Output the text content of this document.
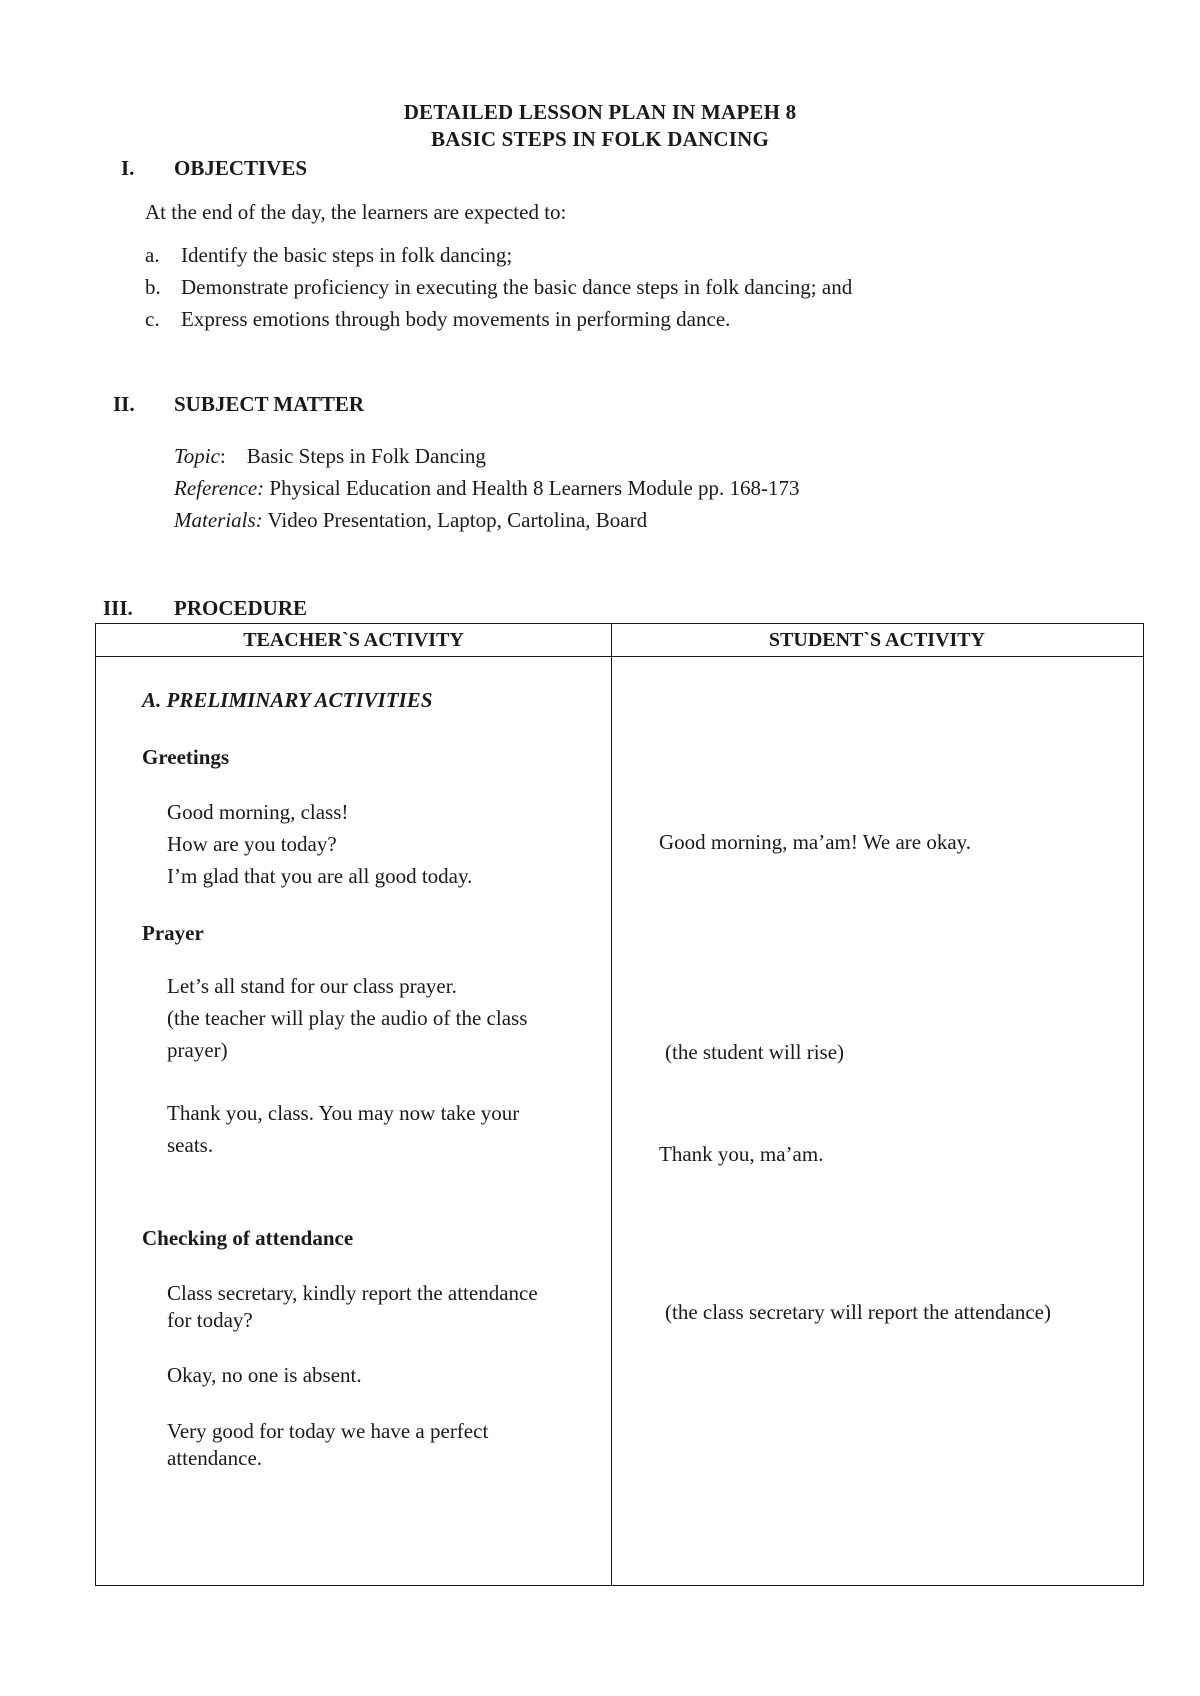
DETAILED LESSON PLAN IN MAPEH 8
BASIC STEPS IN FOLK DANCING
I. OBJECTIVES
At the end of the day, the learners are expected to:
a. Identify the basic steps in folk dancing;
b. Demonstrate proficiency in executing the basic dance steps in folk dancing; and
c. Express emotions through body movements in performing dance.
II. SUBJECT MATTER
Topic:    Basic Steps in Folk Dancing
Reference: Physical Education and Health 8 Learners Module pp. 168-173
Materials: Video Presentation, Laptop, Cartolina, Board
III. PROCEDURE
TEACHER`S ACTIVITY	STUDENT`S ACTIVITY
A. PRELIMINARY ACTIVITIES
Greetings
Good morning, class!
How are you today?
I’m glad that you are all good today.
Prayer
Let’s all stand for our class prayer.
(the teacher will play the audio of the class
prayer)
Thank you, class. You may now take your
seats.
Checking of attendance
Class secretary, kindly report the attendance
for today?
Okay, no one is absent.
Very good for today we have a perfect
attendance.
Good morning, ma’am! We are okay.
(the student will rise)
Thank you, ma’am.
(the class secretary will report the attendance)
